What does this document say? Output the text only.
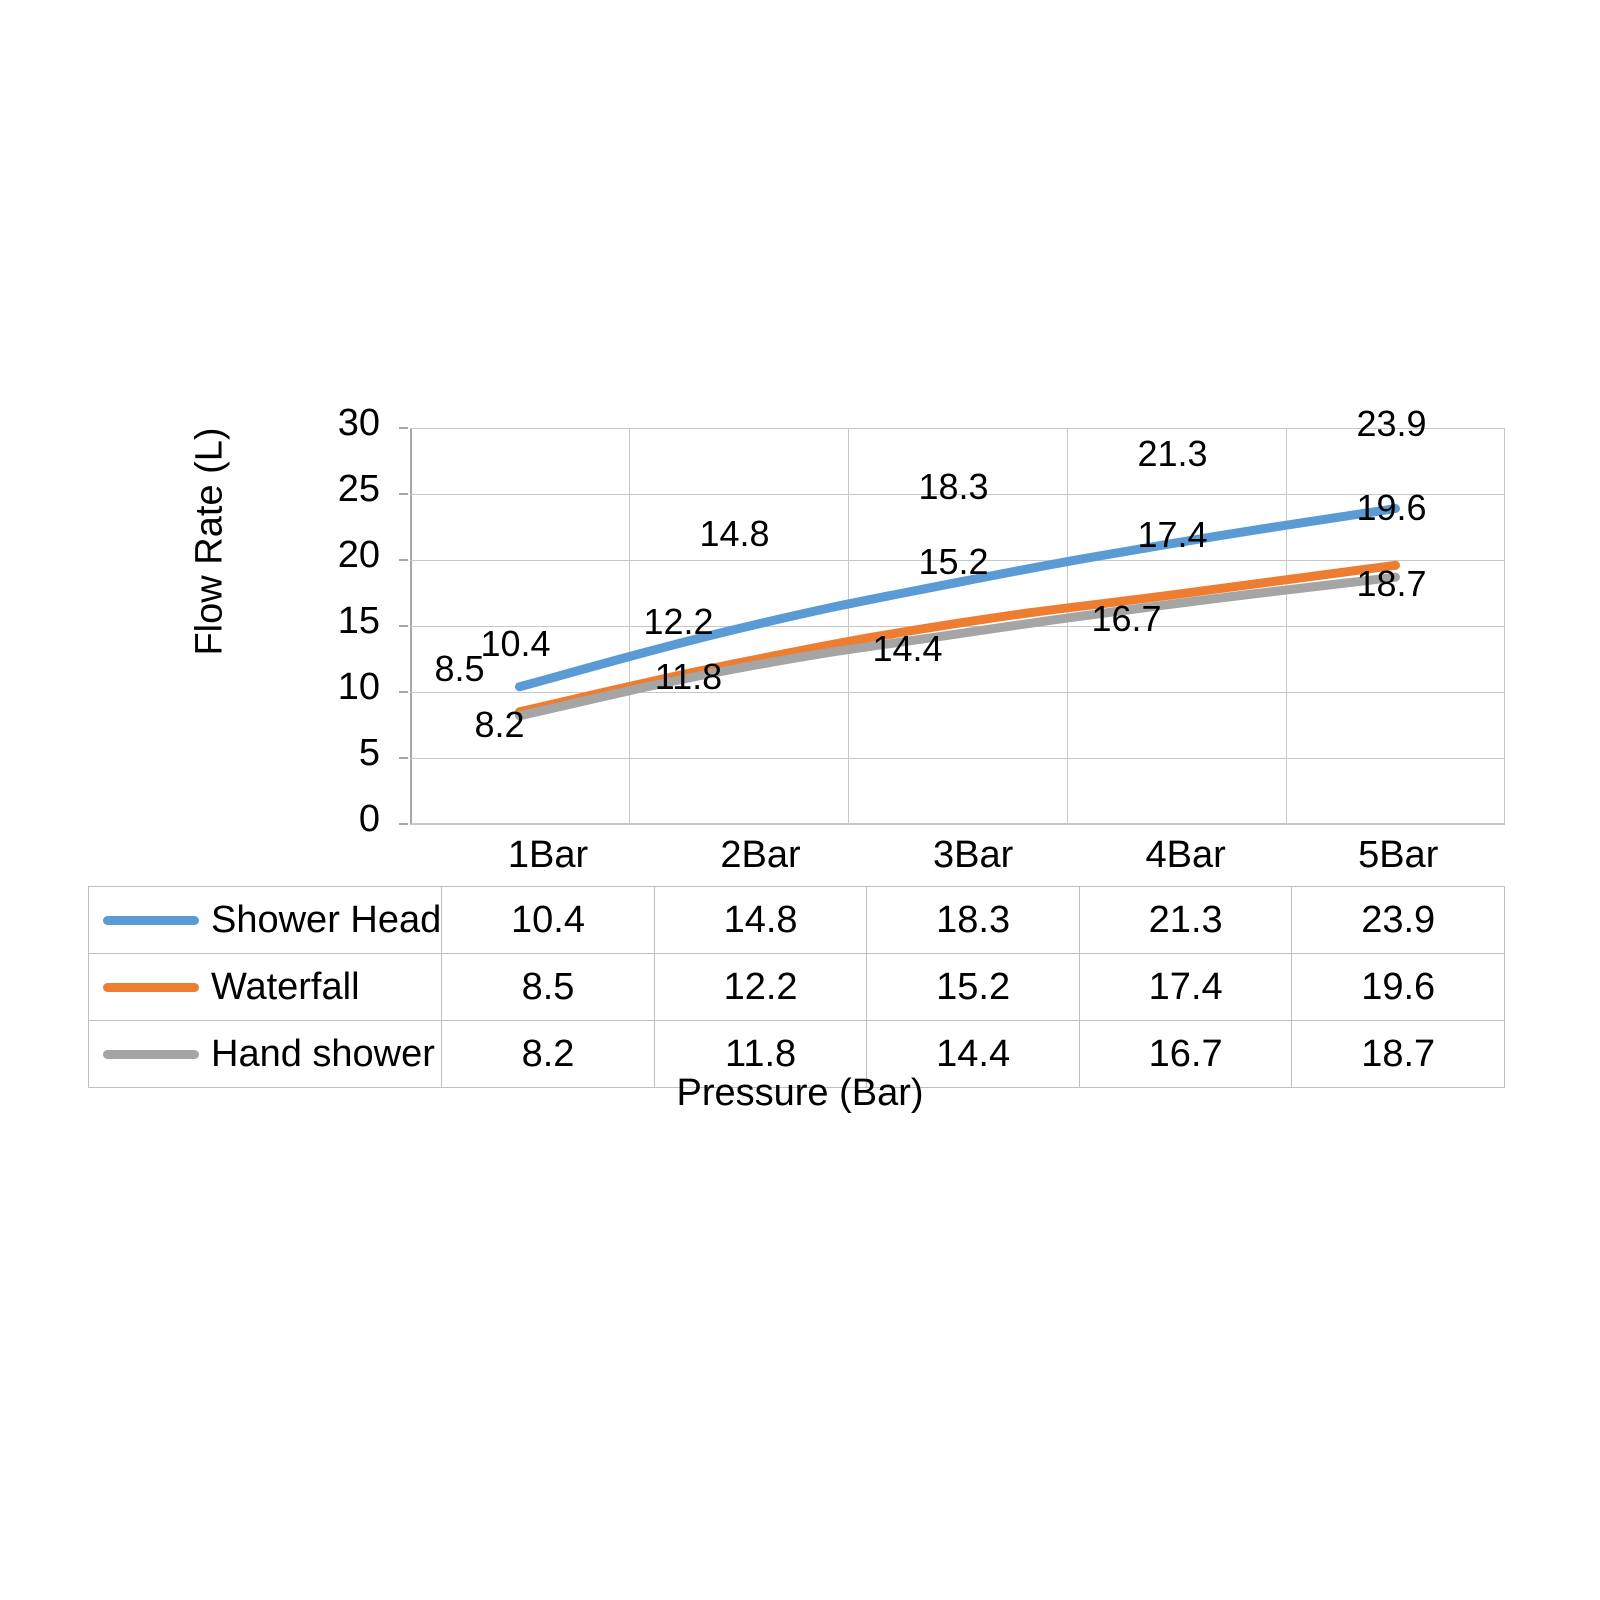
Flow Rate (L)
0
5
10
15
20
25
30
10.4
14.8
18.3
21.3
23.9
8.5
12.2
15.2
17.4
19.6
8.2
11.8
14.4
16.7
18.7
	1Bar	2Bar	3Bar	4Bar	5Bar

Shower Head	10.4	14.8	18.3	21.3	23.9

Waterfall	8.5	12.2	15.2	17.4	19.6

Hand shower	8.2	11.8	14.4	16.7	18.7
Pressure (Bar)
